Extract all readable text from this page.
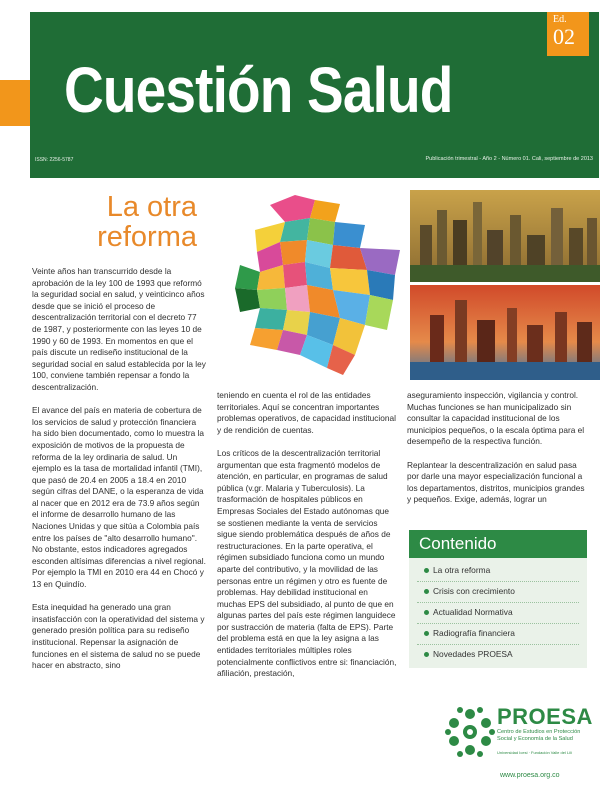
Ed.
02
Cuestión Salud
ISSN: 2256-5787	Publicación trimestral - Año 2 - Número 01. Cali, septiembre de 2013
La otra
reforma

Veinte años han transcurrido desde la aprobación de la ley 100 de 1993 que reformó la seguridad social en salud, y veinticinco años desde que se inició el proceso de descentralización territorial con el decreto 77 de 1987, y posteriormente con las leyes 10 de 1990 y 60 de 1993. En momentos en que el país discute un rediseño institucional de la seguridad social en salud establecida por la ley 100, conviene también repensar a fondo la descentralización.

El avance del país en materia de cobertura de los servicios de salud y protección financiera ha sido bien documentado, como lo muestra la exposición de motivos de la propuesta de reforma de la ley ordinaria de salud. Un ejemplo es la tasa de mortalidad infantil (TMI), que pasó de 20.4 en 2005 a 18.4 en 2010 según cifras del DANE, o la esperanza de vida al nacer que en 2012 era de 73.9 años según el informe de desarrollo humano de las Naciones Unidas y que sitúa a Colombia país entre los países de "alto desarrollo humano". No obstante, estos indicadores agregados esconden altísimas diferencias a nivel regional. Por ejemplo la TMI en 2010 era 44 en Chocó y 13 en Quindío.

Esta inequidad ha generado una gran insatisfacción con la operatividad del sistema y generado presión política para su rediseño institucional. Repensar la asignación de funciones en el sistema de salud no se puede hacer en abstracto, sino

teniendo en cuenta el rol de las entidades territoriales. Aquí se concentran importantes problemas operativos, de capacidad institucional y de rendición de cuentas.

Los críticos de la descentralización territorial argumentan que esta fragmentó modelos de atención, en particular, en programas de salud pública (v.gr. Malaria y Tuberculosis). La trasformación de hospitales públicos en Empresas Sociales del Estado autónomas que se sostienen mediante la venta de servicios sigue siendo problemática después de años de restructuraciones. En la parte operativa, el régimen subsidiado funciona como un mundo aparte del contributivo, y la movilidad de las personas entre un régimen y otro es fuente de problemas. Hay debilidad institucional en muchas EPS del subsidiado, al punto de que en algunas partes del país este régimen languidece por sustracción de materia (falta de EPS). Parte del problema está en que la ley asigna a las entidades territoriales múltiples roles potencialmente conflictivos entre si: financiación, afiliación, prestación,

aseguramiento inspección, vigilancia y control. Muchas funciones se han municipalizado sin consultar la capacidad institucional de los municipios pequeños, o la escala óptima para el desempeño de la respectiva función.

Replantear la descentralización en salud pasa por darle una mayor especialización funcional a los departamentos, distritos, municipios grandes y pequeños. Exige, además, lograr un

Contenido
La otra reforma
Crisis con crecimiento
Actualidad Normativa
Radiografía financiera
Novedades PROESA
PROESA
Centro de Estudios en Protección Social y Economía de la Salud
Universidad Icesi · Fundación Valle del Lili
www.proesa.org.co
